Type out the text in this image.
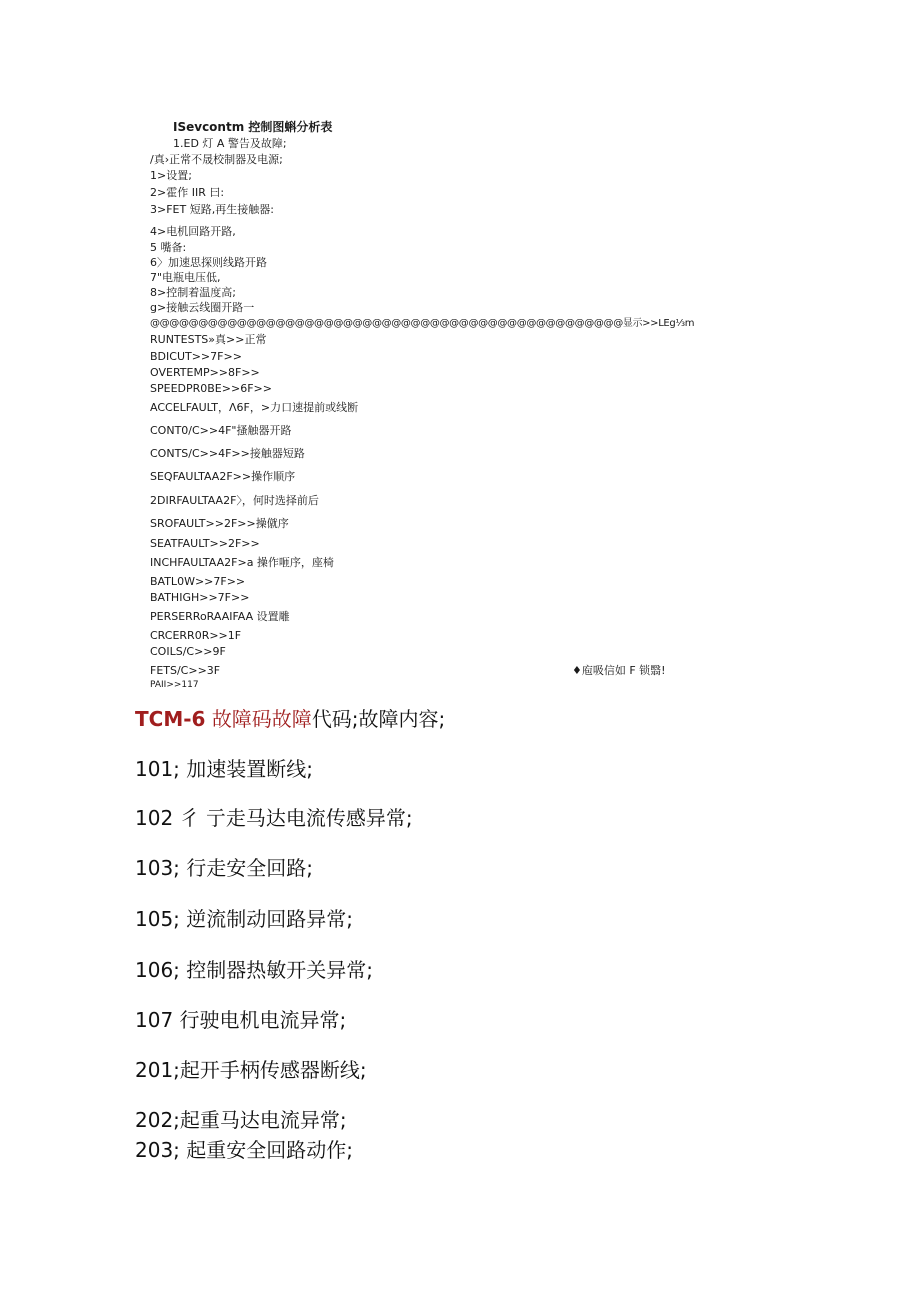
ISevcontm 控制图蝌分析表
1.ED 灯 A 警告及故障;
/真›正常不晟校制器及电源;
1>设置;
2>霍作 IIR 曰:
3>FET 短路,再生接触器:
4>电机回路开路,
5 嘴备:
6〉加速思探则线路开路
7"电瓶电压低,
8>控制着温度高;
g>接触云线圈开路一
@@@@@@@@@@@@@@@@@@@@@@@@@@@@@@@@@@@@@@@@@@@@@@@@@显示>>LEg⅓m
RUNTESTS»真>>正常
BDICUT>>7F>>
OVERTEMP>>8F>>
SPEEDPR0BE>>6F>>
ACCELFAULT，Λ6F，>力口速提前或线断
CONT0/C>>4F"搔触器开路
CONTS/C>>4F>>接触器短路
SEQFAULTAA2F>>操作顺序
2DIRFAULTAA2F〉，何时选择前后
SROFAULT>>2F>>操僦序
SEATFAULT>>2F>>
INCHFAULTAA2F>a 操作咂序，座椅
BATL0W>>7F>>
BATHIGH>>7F>>
PERSERRoRAAIFAA 设置雕
CRCERR0R>>1F
COILS/C>>9F
FETS/C>>3F	♦庖吸信如 F 锁翳!
PAII>>117
TCM-6 故障码故障代码;故障内容;
101; 加速装置断线;
102 彳 亍走马达电流传感异常;
103; 行走安全回路;
105; 逆流制动回路异常;
106; 控制器热敏开关异常;
107 行驶电机电流异常;
201;起开手柄传感器断线;
202;起重马达电流异常;
203; 起重安全回路动作;
